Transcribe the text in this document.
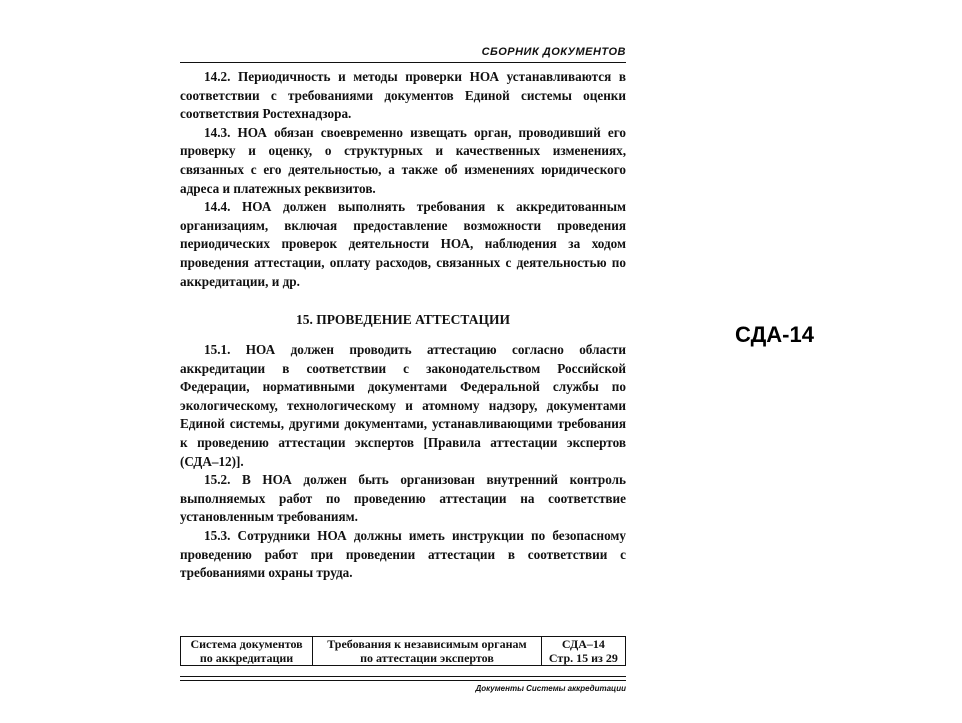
СБОРНИК ДОКУМЕНТОВ

14.2. Периодичность и методы проверки НОА устанавливаются в соответствии с требованиями документов Единой системы оценки соответствия Ростехнадзора.

14.3. НОА обязан своевременно извещать орган, проводивший его проверку и оценку, о структурных и качественных изменениях, связанных с его деятельностью, а также об изменениях юридического адреса и платежных реквизитов.

14.4. НОА должен выполнять требования к аккредитованным организациям, включая предоставление возможности проведения периодических проверок деятельности НОА, наблюдения за ходом проведения аттестации, оплату расходов, связанных с деятельностью по аккредитации, и др.

15. ПРОВЕДЕНИЕ АТТЕСТАЦИИ

15.1. НОА должен проводить аттестацию согласно области аккредитации в соответствии с законодательством Российской Федерации, нормативными документами Федеральной службы по экологическому, технологическому и атомному надзору, документами Единой системы, другими документами, устанавливающими требования к проведению аттестации экспертов [Правила аттестации экспертов (СДА–12)].

15.2. В НОА должен быть организован внутренний контроль выполняемых работ по проведению аттестации на соответствие установленным требованиям.

15.3. Сотрудники НОА должны иметь инструкции по безопасному проведению работ при проведении аттестации в соответствии с требованиями охраны труда.

Система документов
по аккредитации

Требования к независимым органам
по аттестации экспертов

СДА–14
Стр. 15 из 29
Документы Системы аккредитации
СДА-14
